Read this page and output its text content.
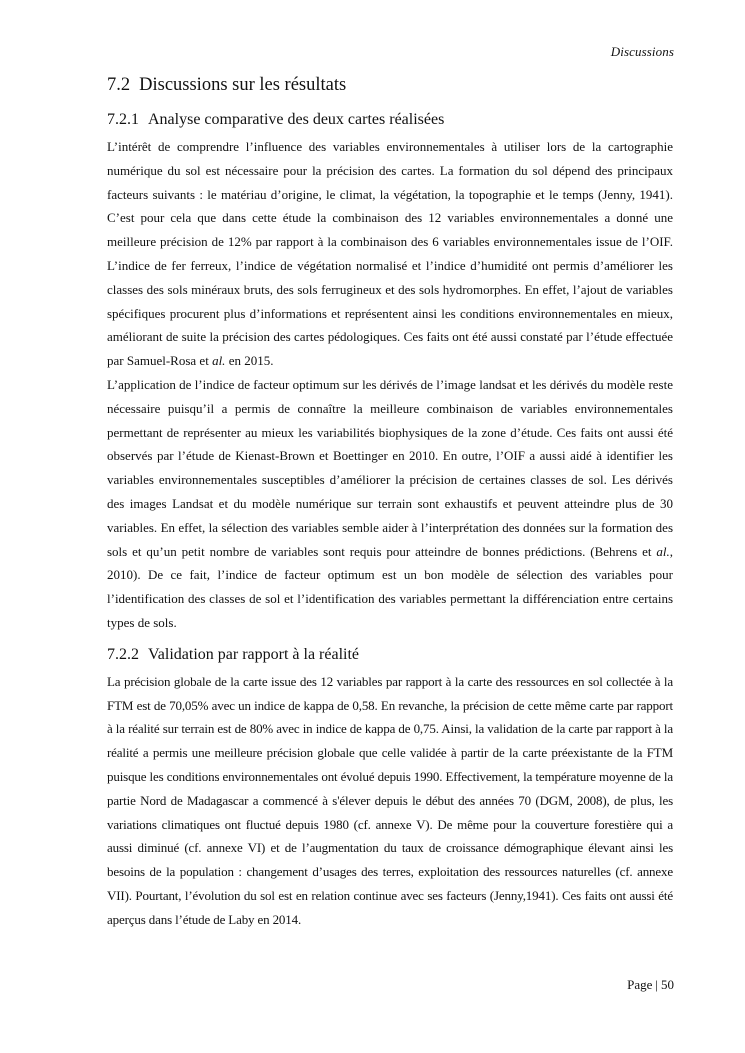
Discussions
7.2 Discussions sur les résultats
7.2.1 Analyse comparative des deux cartes réalisées

L’intérêt de comprendre l’influence des variables environnementales à utiliser lors de la cartographie numérique du sol est nécessaire pour la précision des cartes. La formation du sol dépend des principaux facteurs suivants : le matériau d’origine, le climat, la végétation, la topographie et le temps (Jenny, 1941). C’est pour cela que dans cette étude la combinaison des 12 variables environnementales a donné une meilleure précision de 12% par rapport à la combinaison des 6 variables environnementales issue de l’OIF. L’indice de fer ferreux, l’indice de végétation normalisé et l’indice d’humidité ont permis d’améliorer les classes des sols minéraux bruts, des sols ferrugineux et des sols hydromorphes. En effet, l’ajout de variables spécifiques procurent plus d’informations et représentent ainsi les conditions environnementales en mieux, améliorant de suite la précision des cartes pédologiques. Ces faits ont été aussi constaté par l’étude effectuée par Samuel-Rosa et al. en 2015.

L’application de l’indice de facteur optimum sur les dérivés de l’image landsat et les dérivés du modèle reste nécessaire puisqu’il a permis de connaître la meilleure combinaison de variables environnementales permettant de représenter au mieux les variabilités biophysiques de la zone d’étude. Ces faits ont aussi été observés par l’étude de Kienast-Brown et Boettinger en 2010. En outre, l’OIF a aussi aidé à identifier les variables environnementales susceptibles d’améliorer la précision de certaines classes de sol. Les dérivés des images Landsat et du modèle numérique sur terrain sont exhaustifs et peuvent atteindre plus de 30 variables. En effet, la sélection des variables semble aider à l’interprétation des données sur la formation des sols et qu’un petit nombre de variables sont requis pour atteindre de bonnes prédictions. (Behrens et al., 2010). De ce fait, l’indice de facteur optimum est un bon modèle de sélection des variables pour l’identification des classes de sol et l’identification des variables permettant la différenciation entre certains types de sols.

7.2.2 Validation par rapport à la réalité

La précision globale de la carte issue des 12 variables par rapport à la carte des ressources en sol collectée à la FTM est de 70,05% avec un indice de kappa de 0,58. En revanche, la précision de cette même carte par rapport à la réalité sur terrain est de 80% avec in indice de kappa de 0,75. Ainsi, la validation de la carte par rapport à la réalité a permis une meilleure précision globale que celle validée à partir de la carte préexistante de la FTM puisque les conditions environnementales ont évolué depuis 1990. Effectivement, la température moyenne de la partie Nord de Madagascar a commencé à s'élever depuis le début des années 70 (DGM, 2008), de plus, les variations climatiques ont fluctué depuis 1980 (cf. annexe V). De même pour la couverture forestière qui a aussi diminué (cf. annexe VI) et de l’augmentation du taux de croissance démographique élevant ainsi les besoins de la population : changement d’usages des terres, exploitation des ressources naturelles (cf. annexe VII). Pourtant, l’évolution du sol est en relation continue avec ses facteurs (Jenny,1941). Ces faits ont aussi été aperçus dans l’étude de Laby en 2014.

Page | 50
